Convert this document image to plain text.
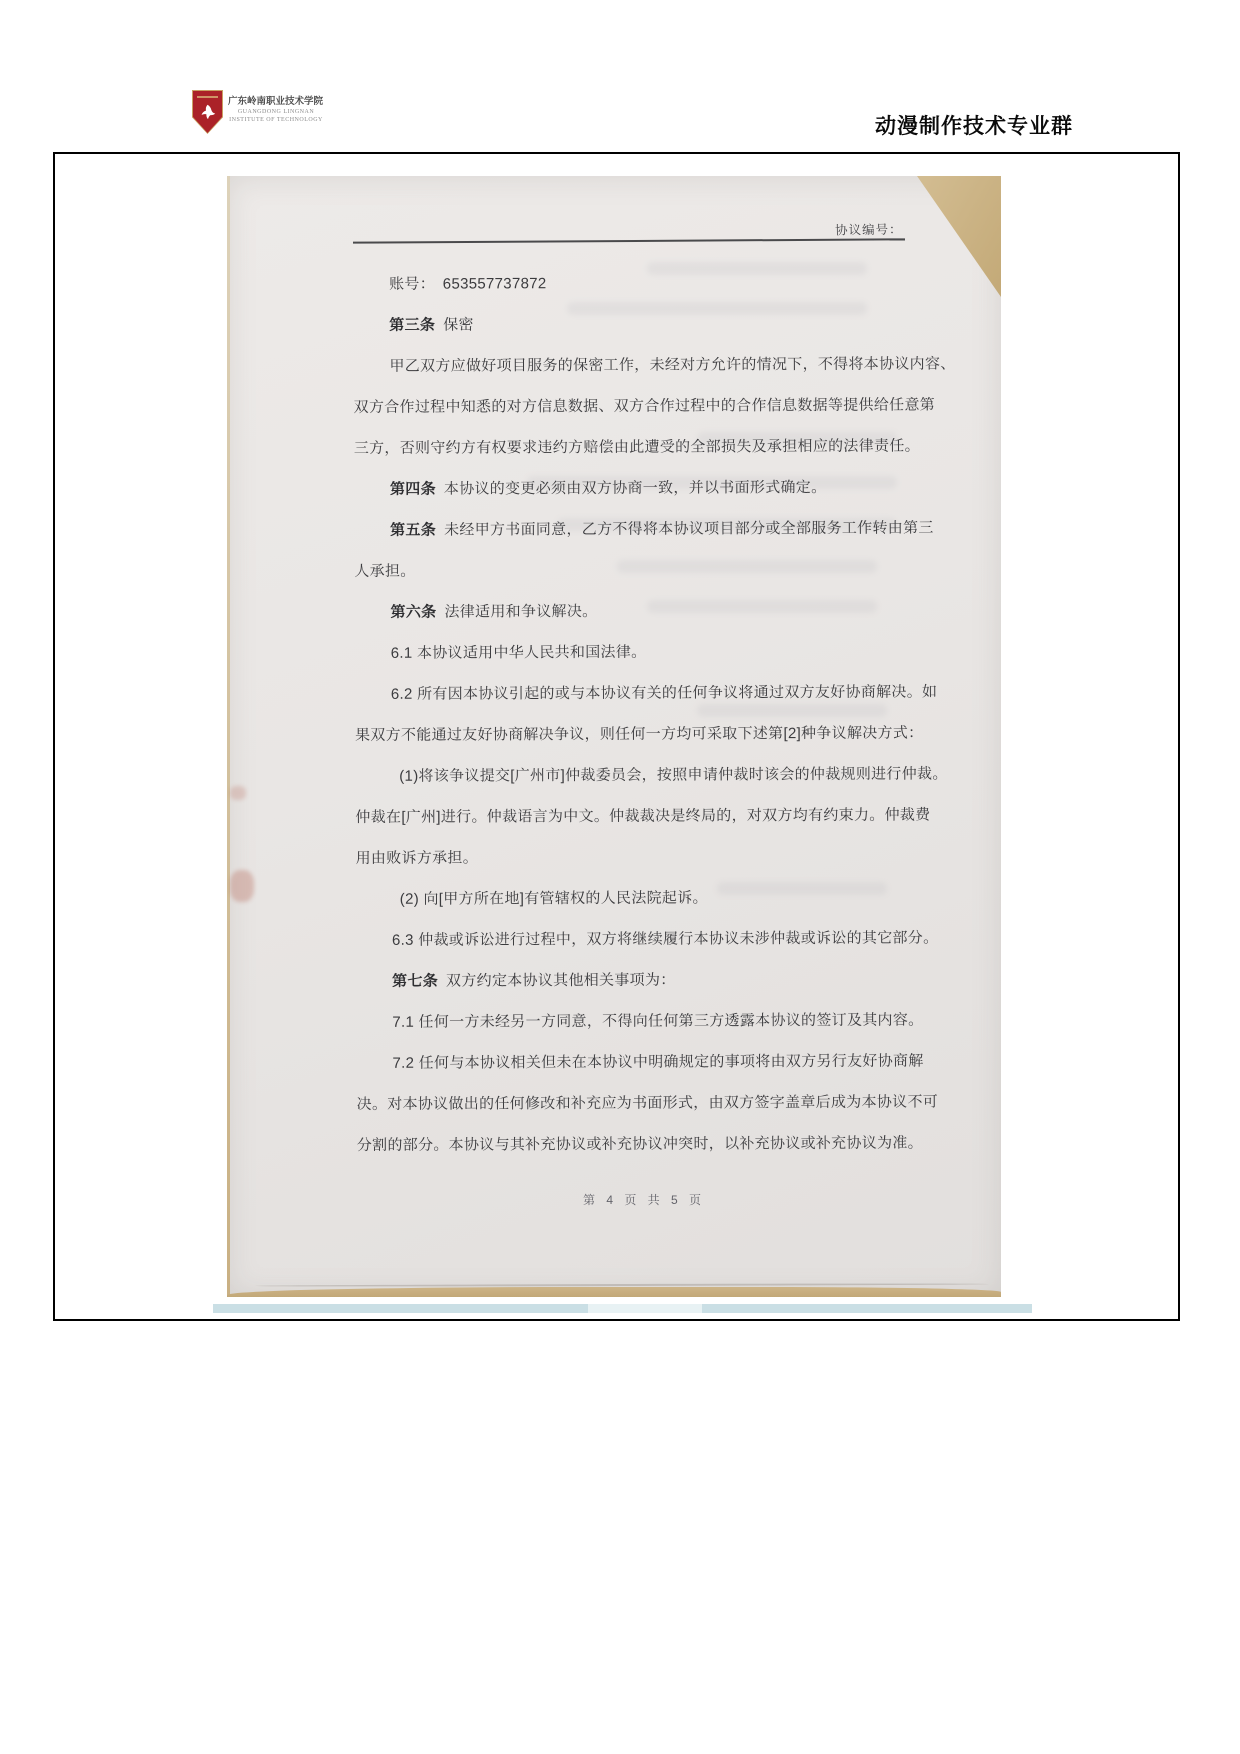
广东岭南职业技术学院
GUANGDONG LINGNAN
INSTITUTE OF TECHNOLOGY	动漫制作技术专业群
协议编号：
账号：　653557737872
第三条 保密
甲乙双方应做好项目服务的保密工作，未经对方允许的情况下，不得将本协议内容、
双方合作过程中知悉的对方信息数据、双方合作过程中的合作信息数据等提供给任意第
三方，否则守约方有权要求违约方赔偿由此遭受的全部损失及承担相应的法律责任。
第四条 本协议的变更必须由双方协商一致，并以书面形式确定。
第五条 未经甲方书面同意，乙方不得将本协议项目部分或全部服务工作转由第三
人承担。
第六条 法律适用和争议解决。
6.1 本协议适用中华人民共和国法律。
6.2 所有因本协议引起的或与本协议有关的任何争议将通过双方友好协商解决。如
果双方不能通过友好协商解决争议，则任何一方均可采取下述第[2]种争议解决方式：
(1)将该争议提交[广州市]仲裁委员会，按照申请仲裁时该会的仲裁规则进行仲裁。
仲裁在[广州]进行。仲裁语言为中文。仲裁裁决是终局的，对双方均有约束力。仲裁费
用由败诉方承担。
(2) 向[甲方所在地]有管辖权的人民法院起诉。
6.3 仲裁或诉讼进行过程中，双方将继续履行本协议未涉仲裁或诉讼的其它部分。
第七条 双方约定本协议其他相关事项为：
7.1 任何一方未经另一方同意，不得向任何第三方透露本协议的签订及其内容。
7.2 任何与本协议相关但未在本协议中明确规定的事项将由双方另行友好协商解
决。对本协议做出的任何修改和补充应为书面形式，由双方签字盖章后成为本协议不可
分割的部分。本协议与其补充协议或补充协议冲突时，以补充协议或补充协议为准。
第 4 页 共 5 页
